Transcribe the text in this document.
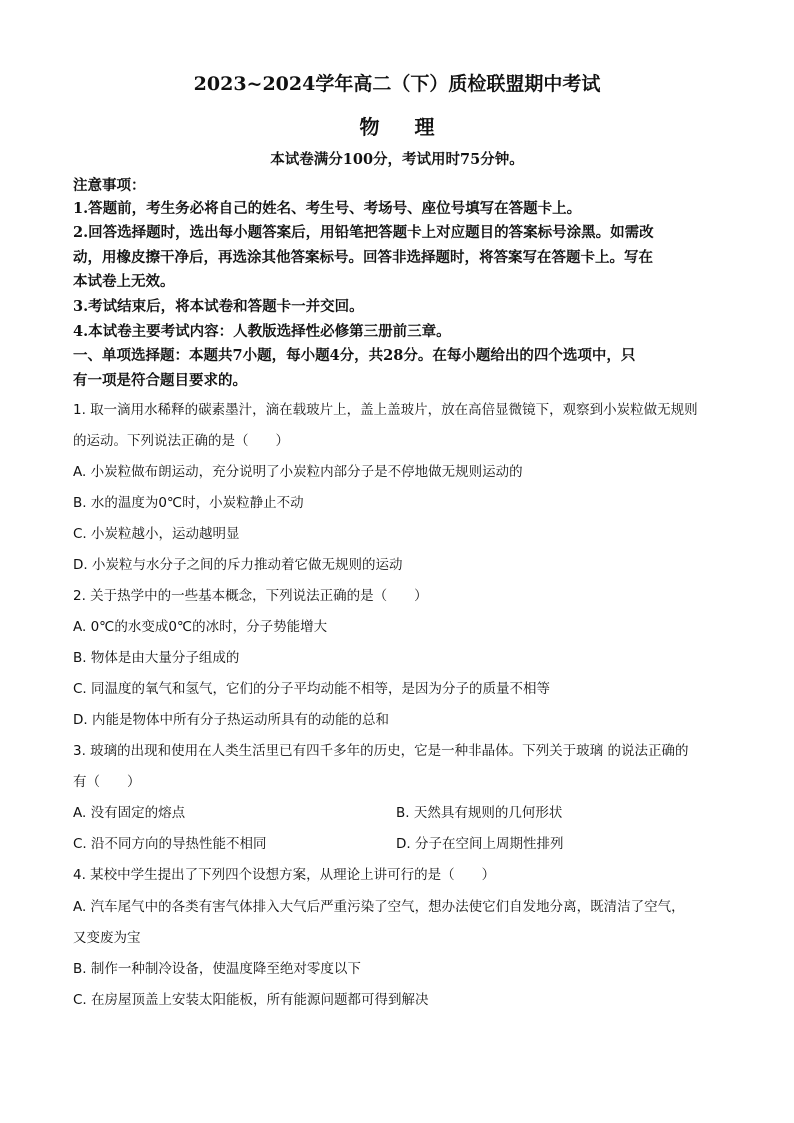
2023~2024学年高二（下）质检联盟期中考试
物 理
本试卷满分100分，考试用时75分钟。
注意事项：
1.答题前，考生务必将自己的姓名、考生号、考场号、座位号填写在答题卡上。
2.回答选择题时，选出每小题答案后，用铅笔把答题卡上对应题目的答案标号涂黑。如需改
动，用橡皮擦干净后，再选涂其他答案标号。回答非选择题时，将答案写在答题卡上。写在
本试卷上无效。
3.考试结束后，将本试卷和答题卡一并交回。
4.本试卷主要考试内容：人教版选择性必修第三册前三章。
一、单项选择题：本题共7小题，每小题4分，共28分。在每小题给出的四个选项中，只
有一项是符合题目要求的。
1. 取一滴用水稀释的碳素墨汁，滴在载玻片上，盖上盖玻片，放在高倍显微镜下，观察到小炭粒做无规则
的运动。下列说法正确的是（　　）
A. 小炭粒做布朗运动，充分说明了小炭粒内部分子是不停地做无规则运动的
B. 水的温度为0℃时，小炭粒静止不动
C. 小炭粒越小，运动越明显
D. 小炭粒与水分子之间的斥力推动着它做无规则的运动
2. 关于热学中的一些基本概念，下列说法正确的是（　　）
A. 0℃的水变成0℃的冰时，分子势能增大
B. 物体是由大量分子组成的
C. 同温度的氧气和氢气，它们的分子平均动能不相等，是因为分子的质量不相等
D. 内能是物体中所有分子热运动所具有的动能的总和
3. 玻璃的出现和使用在人类生活里已有四千多年的历史，它是一种非晶体。下列关于玻璃 的说法正确的
有（　　）
A. 没有固定的熔点	B. 天然具有规则的几何形状
C. 沿不同方向的导热性能不相同	D. 分子在空间上周期性排列
4. 某校中学生提出了下列四个设想方案，从理论上讲可行的是（　　）
A. 汽车尾气中的各类有害气体排入大气后严重污染了空气，想办法使它们自发地分离，既清洁了空气，
又变废为宝
B. 制作一种制冷设备，使温度降至绝对零度以下
C. 在房屋顶盖上安装太阳能板，所有能源问题都可得到解决
